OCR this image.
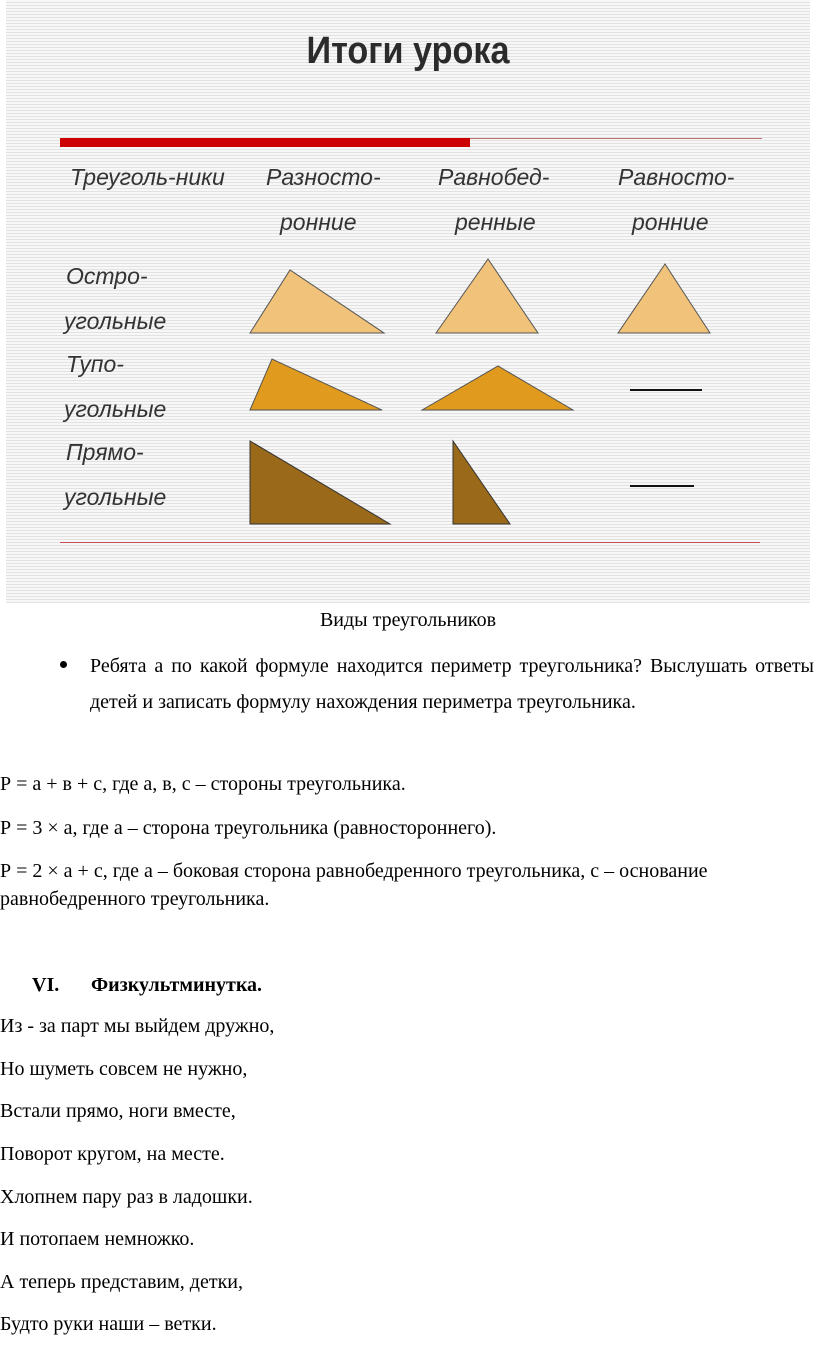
Итоги урока
Треуголь-ники Разносто-
ронние
Равнобед-
ренные
Равносто-
ронние
Остро-
угольные
Тупо-
угольные
Прямо-
угольные
Виды треугольников
Ребята а по какой формуле находится периметр треугольника? Выслушать ответы детей и записать формулу нахождения периметра треугольника.
Р = а + в + с, где а, в, с – стороны треугольника.
Р = 3 × а, где а – сторона треугольника (равностороннего).
Р = 2 × а + с, где а – боковая сторона равнобедренного треугольника, с – основание равнобедренного треугольника.
VI. Физкультминутка.
Из - за парт мы выйдем дружно,
Но шуметь совсем не нужно,
Встали прямо, ноги вместе,
Поворот кругом, на месте.
Хлопнем пару раз в ладошки.
И потопаем немножко.
А теперь представим, детки,
Будто руки наши – ветки.
